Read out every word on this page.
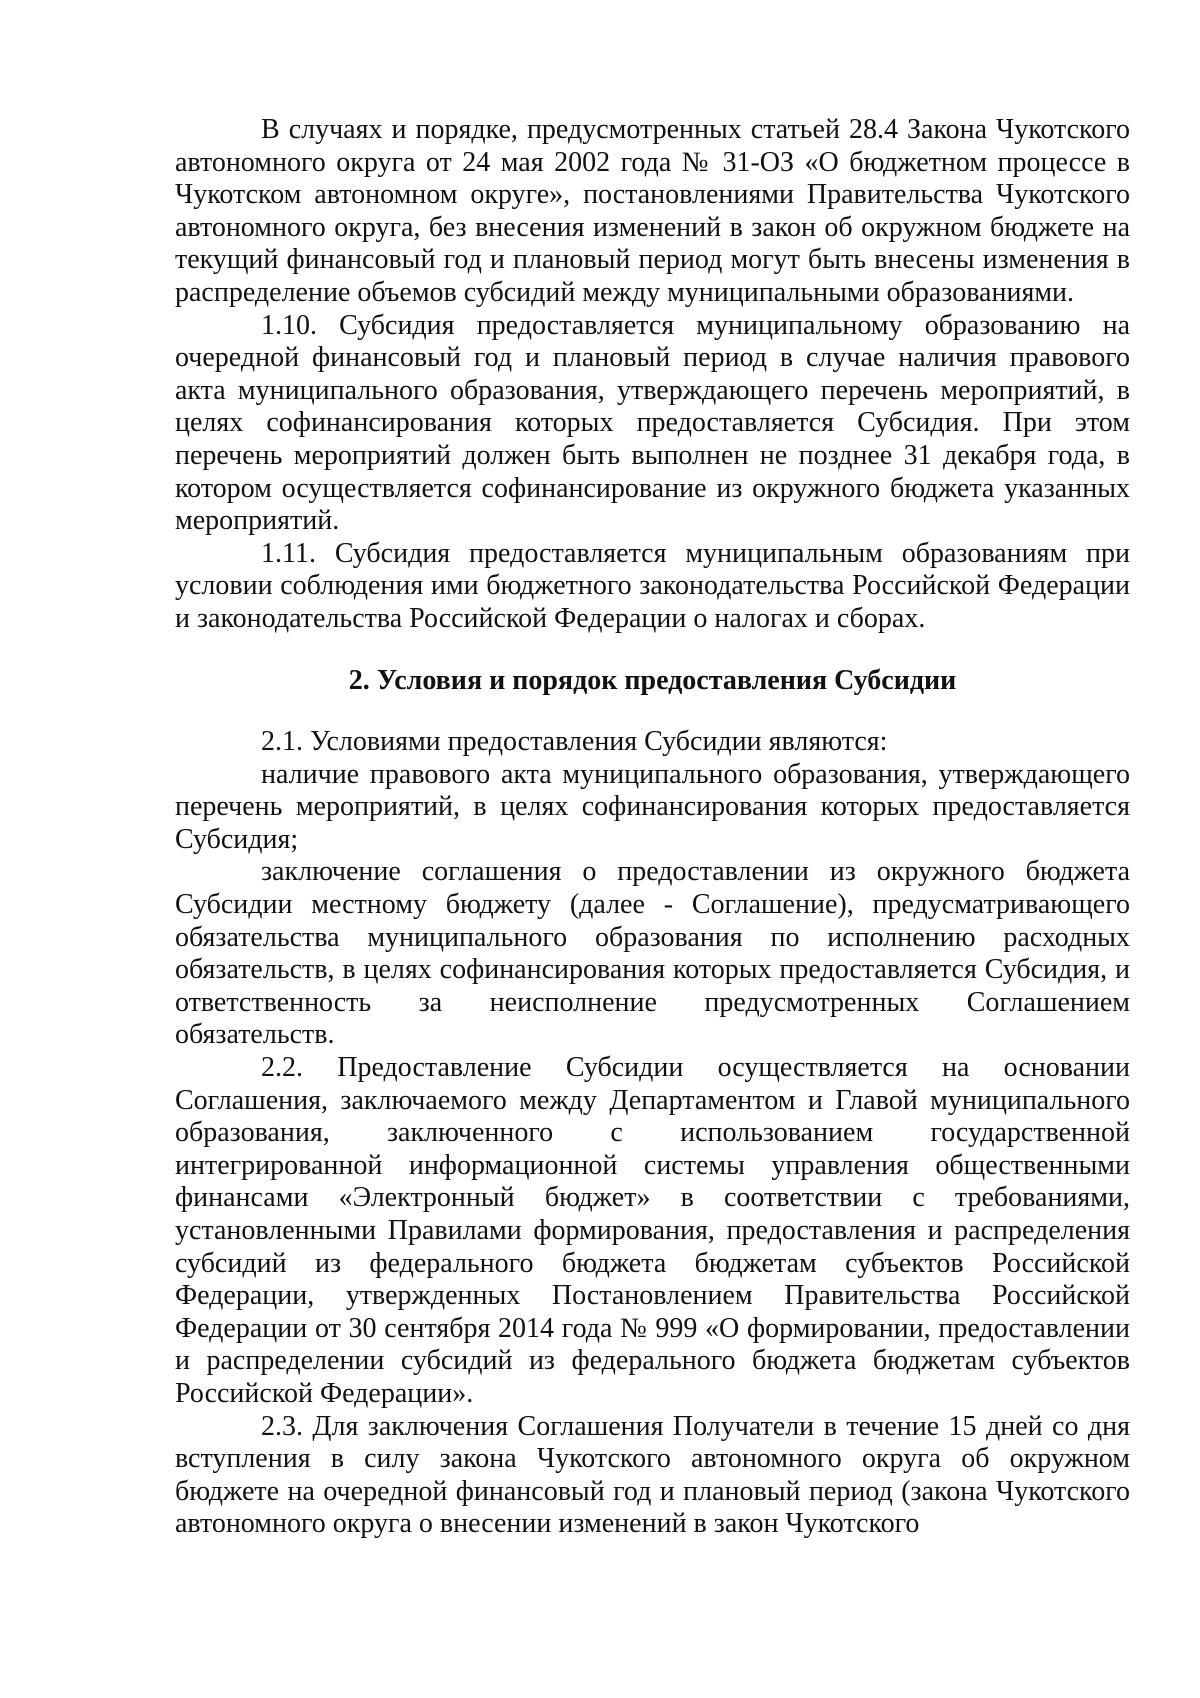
В случаях и порядке, предусмотренных статьей 28.4 Закона Чукотского автономного округа от 24 мая 2002 года № 31-ОЗ «О бюджетном процессе в Чукотском автономном округе», постановлениями Правительства Чукотского автономного округа, без внесения изменений в закон об окружном бюджете на текущий финансовый год и плановый период могут быть внесены изменения в распределение объемов субсидий между муниципальными образованиями.

1.10. Субсидия предоставляется муниципальному образованию на очередной финансовый год и плановый период в случае наличия правового акта муниципального образования, утверждающего перечень мероприятий, в целях софинансирования которых предоставляется Субсидия. При этом перечень мероприятий должен быть выполнен не позднее 31 декабря года, в котором осуществляется софинансирование из окружного бюджета указанных мероприятий.

1.11. Субсидия предоставляется муниципальным образованиям при условии соблюдения ими бюджетного законодательства Российской Федерации и законодательства Российской Федерации о налогах и сборах.

2. Условия и порядок предоставления Субсидии

2.1. Условиями предоставления Субсидии являются:

наличие правового акта муниципального образования, утверждающего перечень мероприятий, в целях софинансирования которых предоставляется Субсидия;

заключение соглашения о предоставлении из окружного бюджета Субсидии местному бюджету (далее - Соглашение), предусматривающего обязательства муниципального образования по исполнению расходных обязательств, в целях софинансирования которых предоставляется Субсидия, и ответственность за неисполнение предусмотренных Соглашением обязательств.

2.2. Предоставление Субсидии осуществляется на основании Соглашения, заключаемого между Департаментом и Главой муниципального образования, заключенного с использованием государственной интегрированной информационной системы управления общественными финансами «Электронный бюджет» в соответствии с требованиями, установленными Правилами формирования, предоставления и распределения субсидий из федерального бюджета бюджетам субъектов Российской Федерации, утвержденных Постановлением Правительства Российской Федерации от 30 сентября 2014 года № 999 «О формировании, предоставлении и распределении субсидий из федерального бюджета бюджетам субъектов Российской Федерации».

2.3. Для заключения Соглашения Получатели в течение 15 дней со дня вступления в силу закона Чукотского автономного округа об окружном бюджете на очередной финансовый год и плановый период (закона Чукотского автономного округа о внесении изменений в закон Чукотского
